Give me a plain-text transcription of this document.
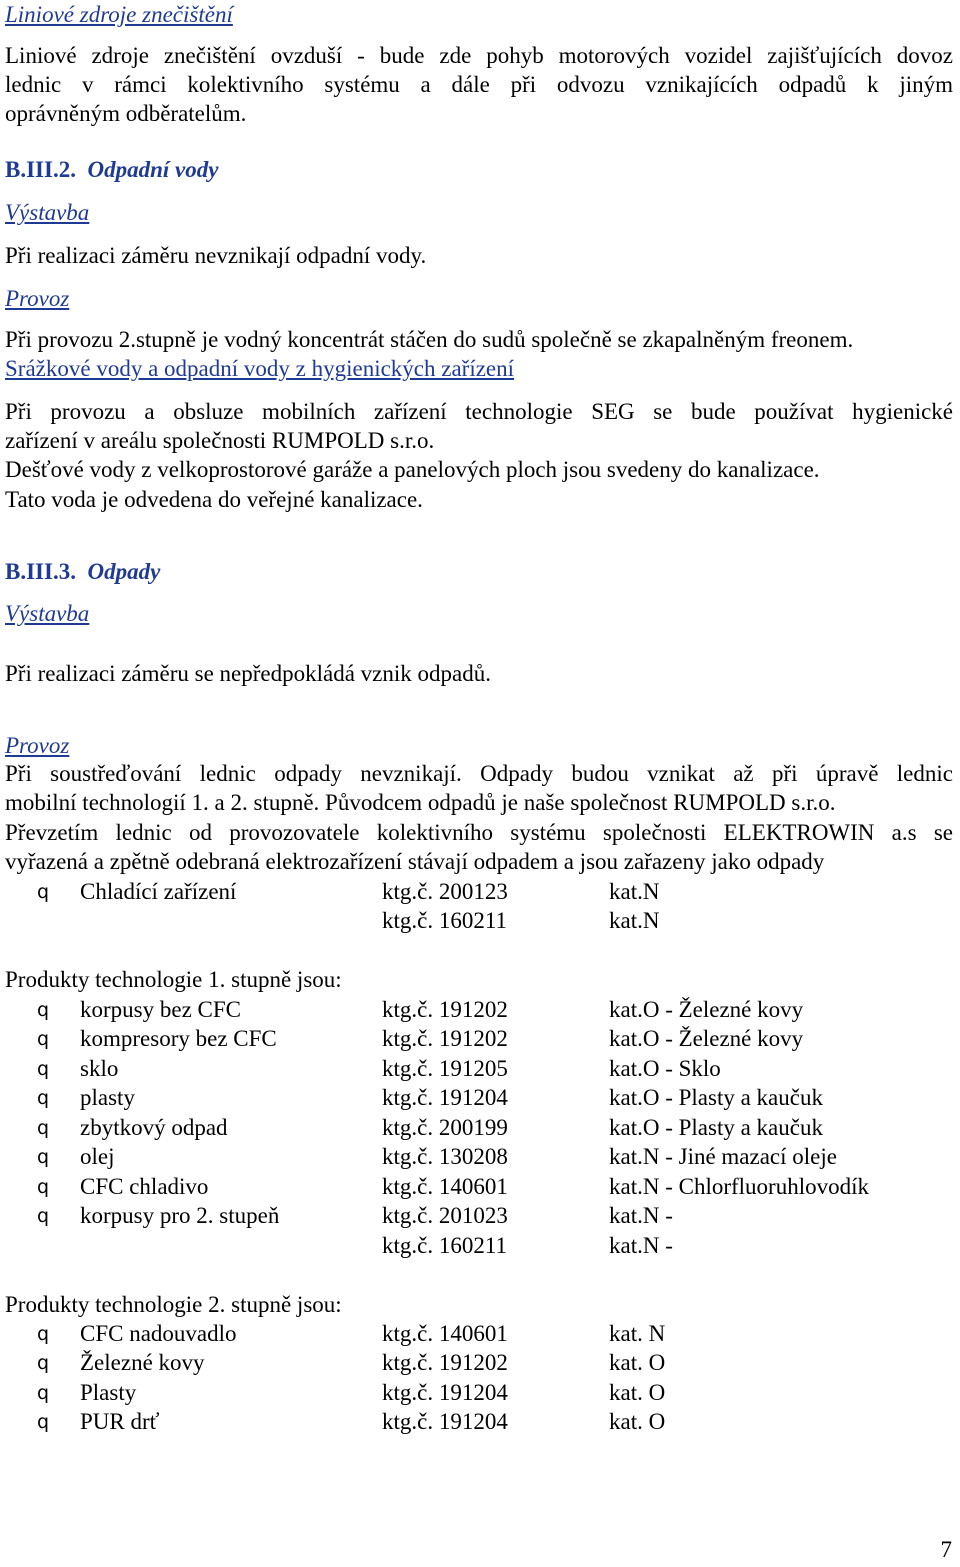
Liniové zdroje znečištění
Liniové zdroje znečištění ovzduší - bude zde pohyb motorových vozidel zajišťujících dovoz
lednic v rámci kolektivního systému a dále při odvozu vznikajících odpadů k jiným
oprávněným odběratelům.
B.III.2. Odpadní vody
Výstavba
Při realizaci záměru nevznikají odpadní vody.
Provoz
Při provozu 2.stupně je vodný koncentrát stáčen do sudů společně se zkapalněným freonem.
Srážkové vody a odpadní vody z hygienických zařízení
Při provozu a obsluze mobilních zařízení technologie SEG se bude používat hygienické
zařízení v areálu společnosti RUMPOLD s.r.o.
Dešťové vody z velkoprostorové garáže a panelových ploch jsou svedeny do kanalizace.
Tato voda je odvedena do veřejné kanalizace.
B.III.3. Odpady
Výstavba
Při realizaci záměru se nepředpokládá vznik odpadů.
Provoz
Při soustřeďování lednic odpady nevznikají. Odpady budou vznikat až při úpravě lednic
mobilní technologií 1. a 2. stupně. Původcem odpadů je naše společnost RUMPOLD s.r.o.
Převzetím lednic od provozovatele kolektivního systému společnosti ELEKTROWIN a.s se
vyřazená a zpětně odebraná elektrozařízení stávají odpadem a jsou zařazeny jako odpady
q Chladící zařízení	ktg.č. 200123	kat.N
ktg.č. 160211	kat.N
Produkty technologie 1. stupně jsou:
q korpusy bez CFC	ktg.č. 191202	kat.O - Železné kovy
q kompresory bez CFC	ktg.č. 191202	kat.O - Železné kovy
q sklo	ktg.č. 191205	kat.O - Sklo
q plasty	ktg.č. 191204	kat.O - Plasty a kaučuk
q zbytkový odpad	ktg.č. 200199	kat.O - Plasty a kaučuk
q olej	ktg.č. 130208	kat.N - Jiné mazací oleje
q CFC chladivo	ktg.č. 140601	kat.N - Chlorfluoruhlovodík
q korpusy pro 2. stupeň	ktg.č. 201023	kat.N -
ktg.č. 160211	kat.N -
Produkty technologie 2. stupně jsou:
q CFC nadouvadlo	ktg.č. 140601	kat. N
q Železné kovy	ktg.č. 191202	kat. O
q Plasty	ktg.č. 191204	kat. O
q PUR drť	ktg.č. 191204	kat. O
7
